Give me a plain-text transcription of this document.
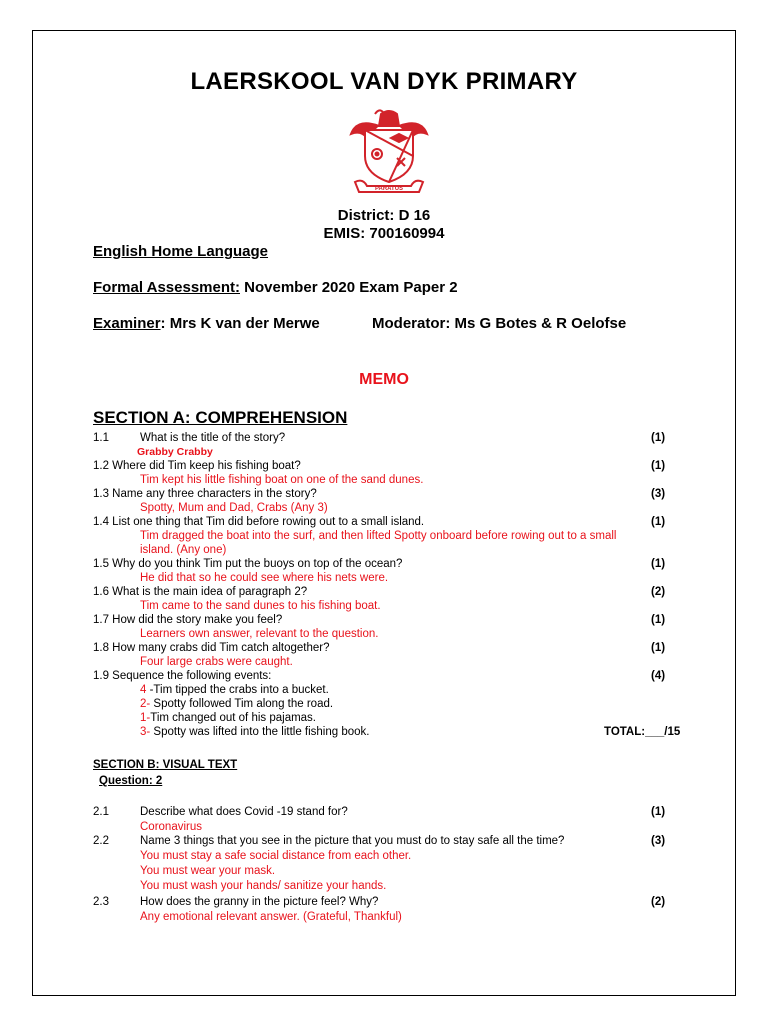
LAERSKOOL VAN DYK PRIMARY
PARATUS
District: D 16
EMIS: 700160994
English Home Language
Formal Assessment: November 2020 Exam Paper 2
Examiner: Mrs K van der Merwe	Moderator: Ms G Botes & R Oelofse
MEMO
SECTION A: COMPREHENSION
1.1	What is the title of the story?	(1)
Grabby Crabby
1.2 Where did Tim keep his fishing boat?	(1)
Tim kept his little fishing boat on one of the sand dunes.
1.3 Name any three characters in the story?	(3)
Spotty, Mum and Dad, Crabs (Any 3)
1.4 List one thing that Tim did before rowing out to a small island.	(1)
Tim dragged the boat into the surf, and then lifted Spotty onboard before rowing out to a small
island. (Any one)
1.5 Why do you think Tim put the buoys on top of the ocean?	(1)
He did that so he could see where his nets were.
1.6 What is the main idea of paragraph 2?	(2)
Tim came to the sand dunes to his fishing boat.
1.7 How did the story make you feel?	(1)
Learners own answer, relevant to the question.
1.8 How many crabs did Tim catch altogether?	(1)
Four large crabs were caught.
1.9 Sequence the following events:	(4)
4 -Tim tipped the crabs into a bucket.
2- Spotty followed Tim along the road.
1-Tim changed out of his pajamas.
3- Spotty was lifted into the little fishing book.	TOTAL:___/15
SECTION B: VISUAL TEXT
Question: 2
2.1	Describe what does Covid -19 stand for?	(1)
Coronavirus
2.2	Name 3 things that you see in the picture that you must do to stay safe all the time?	(3)
You must stay a safe social distance from each other.
You must wear your mask.
You must wash your hands/ sanitize your hands.
2.3	How does the granny in the picture feel? Why?	(2)
Any emotional relevant answer. (Grateful, Thankful)
